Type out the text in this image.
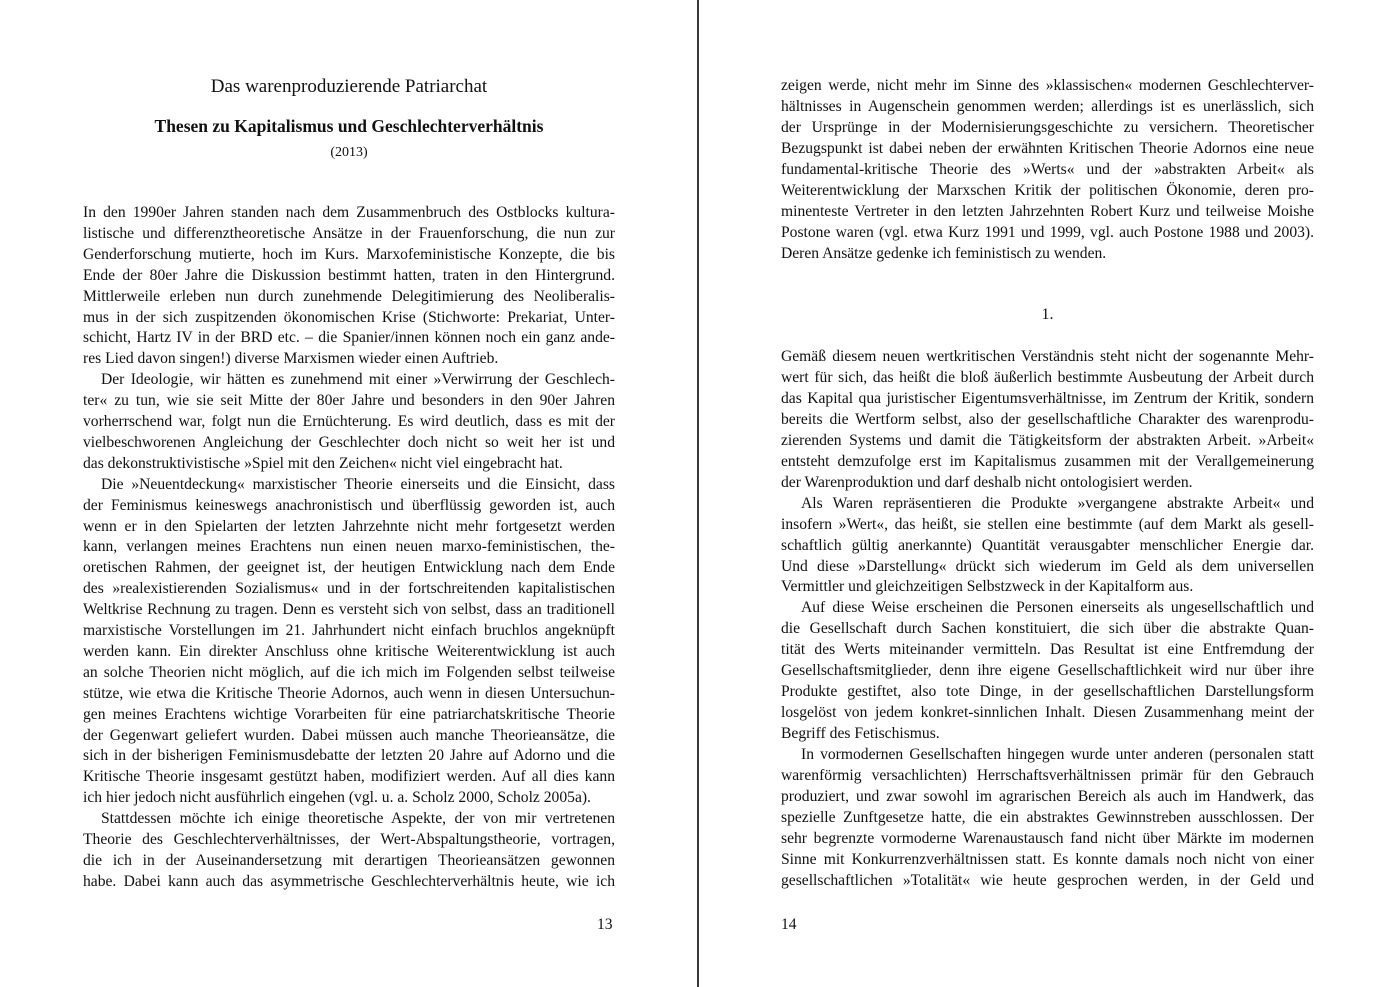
Das warenproduzierende Patriarchat
Thesen zu Kapitalismus und Geschlechterverhältnis
(2013)
In den 1990er Jahren standen nach dem Zusammenbruch des Ostblocks kultura-
listische und differenztheoretische Ansätze in der Frauenforschung, die nun zur
Genderforschung mutierte, hoch im Kurs. Marxofeministische Konzepte, die bis
Ende der 80er Jahre die Diskussion bestimmt hatten, traten in den Hintergrund.
Mittlerweile erleben nun durch zunehmende Delegitimierung des Neoliberalis-
mus in der sich zuspitzenden ökonomischen Krise (Stichworte: Prekariat, Unter-
schicht, Hartz IV in der BRD etc. – die Spanier/innen können noch ein ganz ande-
res Lied davon singen!) diverse Marxismen wieder einen Auftrieb.
Der Ideologie, wir hätten es zunehmend mit einer »Verwirrung der Geschlech-
ter« zu tun, wie sie seit Mitte der 80er Jahre und besonders in den 90er Jahren
vorherrschend war, folgt nun die Ernüchterung. Es wird deutlich, dass es mit der
vielbeschworenen Angleichung der Geschlechter doch nicht so weit her ist und
das dekonstruktivistische »Spiel mit den Zeichen« nicht viel eingebracht hat.
Die »Neuentdeckung« marxistischer Theorie einerseits und die Einsicht, dass
der Feminismus keineswegs anachronistisch und überflüssig geworden ist, auch
wenn er in den Spielarten der letzten Jahrzehnte nicht mehr fortgesetzt werden
kann, verlangen meines Erachtens nun einen neuen marxo-feministischen, the-
oretischen Rahmen, der geeignet ist, der heutigen Entwicklung nach dem Ende
des »realexistierenden Sozialismus« und in der fortschreitenden kapitalistischen
Weltkrise Rechnung zu tragen. Denn es versteht sich von selbst, dass an traditionell
marxistische Vorstellungen im 21. Jahrhundert nicht einfach bruchlos angeknüpft
werden kann. Ein direkter Anschluss ohne kritische Weiterentwicklung ist auch
an solche Theorien nicht möglich, auf die ich mich im Folgenden selbst teilweise
stütze, wie etwa die Kritische Theorie Adornos, auch wenn in diesen Untersuchun-
gen meines Erachtens wichtige Vorarbeiten für eine patriarchatskritische Theorie
der Gegenwart geliefert wurden. Dabei müssen auch manche Theorieansätze, die
sich in der bisherigen Feminismusdebatte der letzten 20 Jahre auf Adorno und die
Kritische Theorie insgesamt gestützt haben, modifiziert werden. Auf all dies kann
ich hier jedoch nicht ausführlich eingehen (vgl. u. a. Scholz 2000, Scholz 2005a).
Stattdessen möchte ich einige theoretische Aspekte, der von mir vertretenen
Theorie des Geschlechterverhältnisses, der Wert-Abspaltungstheorie, vortragen,
die ich in der Auseinandersetzung mit derartigen Theorieansätzen gewonnen
habe. Dabei kann auch das asymmetrische Geschlechterverhältnis heute, wie ich
13
zeigen werde, nicht mehr im Sinne des »klassischen« modernen Geschlechterver-
hältnisses in Augenschein genommen werden; allerdings ist es unerlässlich, sich
der Ursprünge in der Modernisierungsgeschichte zu versichern. Theoretischer
Bezugspunkt ist dabei neben der erwähnten Kritischen Theorie Adornos eine neue
fundamental-kritische Theorie des »Werts« und der »abstrakten Arbeit« als
Weiterentwicklung der Marxschen Kritik der politischen Ökonomie, deren pro-
minenteste Vertreter in den letzten Jahrzehnten Robert Kurz und teilweise Moishe
Postone waren (vgl. etwa Kurz 1991 und 1999, vgl. auch Postone 1988 und 2003).
Deren Ansätze gedenke ich feministisch zu wenden.
1.
Gemäß diesem neuen wertkritischen Verständnis steht nicht der sogenannte Mehr-
wert für sich, das heißt die bloß äußerlich bestimmte Ausbeutung der Arbeit durch
das Kapital qua juristischer Eigentumsverhältnisse, im Zentrum der Kritik, sondern
bereits die Wertform selbst, also der gesellschaftliche Charakter des warenprodu-
zierenden Systems und damit die Tätigkeitsform der abstrakten Arbeit. »Arbeit«
entsteht demzufolge erst im Kapitalismus zusammen mit der Verallgemeinerung
der Warenproduktion und darf deshalb nicht ontologisiert werden.
Als Waren repräsentieren die Produkte »vergangene abstrakte Arbeit« und
insofern »Wert«, das heißt, sie stellen eine bestimmte (auf dem Markt als gesell-
schaftlich gültig anerkannte) Quantität verausgabter menschlicher Energie dar.
Und diese »Darstellung« drückt sich wiederum im Geld als dem universellen
Vermittler und gleichzeitigen Selbstzweck in der Kapitalform aus.
Auf diese Weise erscheinen die Personen einerseits als ungesellschaftlich und
die Gesellschaft durch Sachen konstituiert, die sich über die abstrakte Quan-
tität des Werts miteinander vermitteln. Das Resultat ist eine Entfremdung der
Gesellschaftsmitglieder, denn ihre eigene Gesellschaftlichkeit wird nur über ihre
Produkte gestiftet, also tote Dinge, in der gesellschaftlichen Darstellungsform
losgelöst von jedem konkret-sinnlichen Inhalt. Diesen Zusammenhang meint der
Begriff des Fetischismus.
In vormodernen Gesellschaften hingegen wurde unter anderen (personalen statt
warenförmig versachlichten) Herrschaftsverhältnissen primär für den Gebrauch
produziert, und zwar sowohl im agrarischen Bereich als auch im Handwerk, das
spezielle Zunftgesetze hatte, die ein abstraktes Gewinnstreben ausschlossen. Der
sehr begrenzte vormoderne Warenaustausch fand nicht über Märkte im modernen
Sinne mit Konkurrenzverhältnissen statt. Es konnte damals noch nicht von einer
gesellschaftlichen »Totalität« wie heute gesprochen werden, in der Geld und
14
